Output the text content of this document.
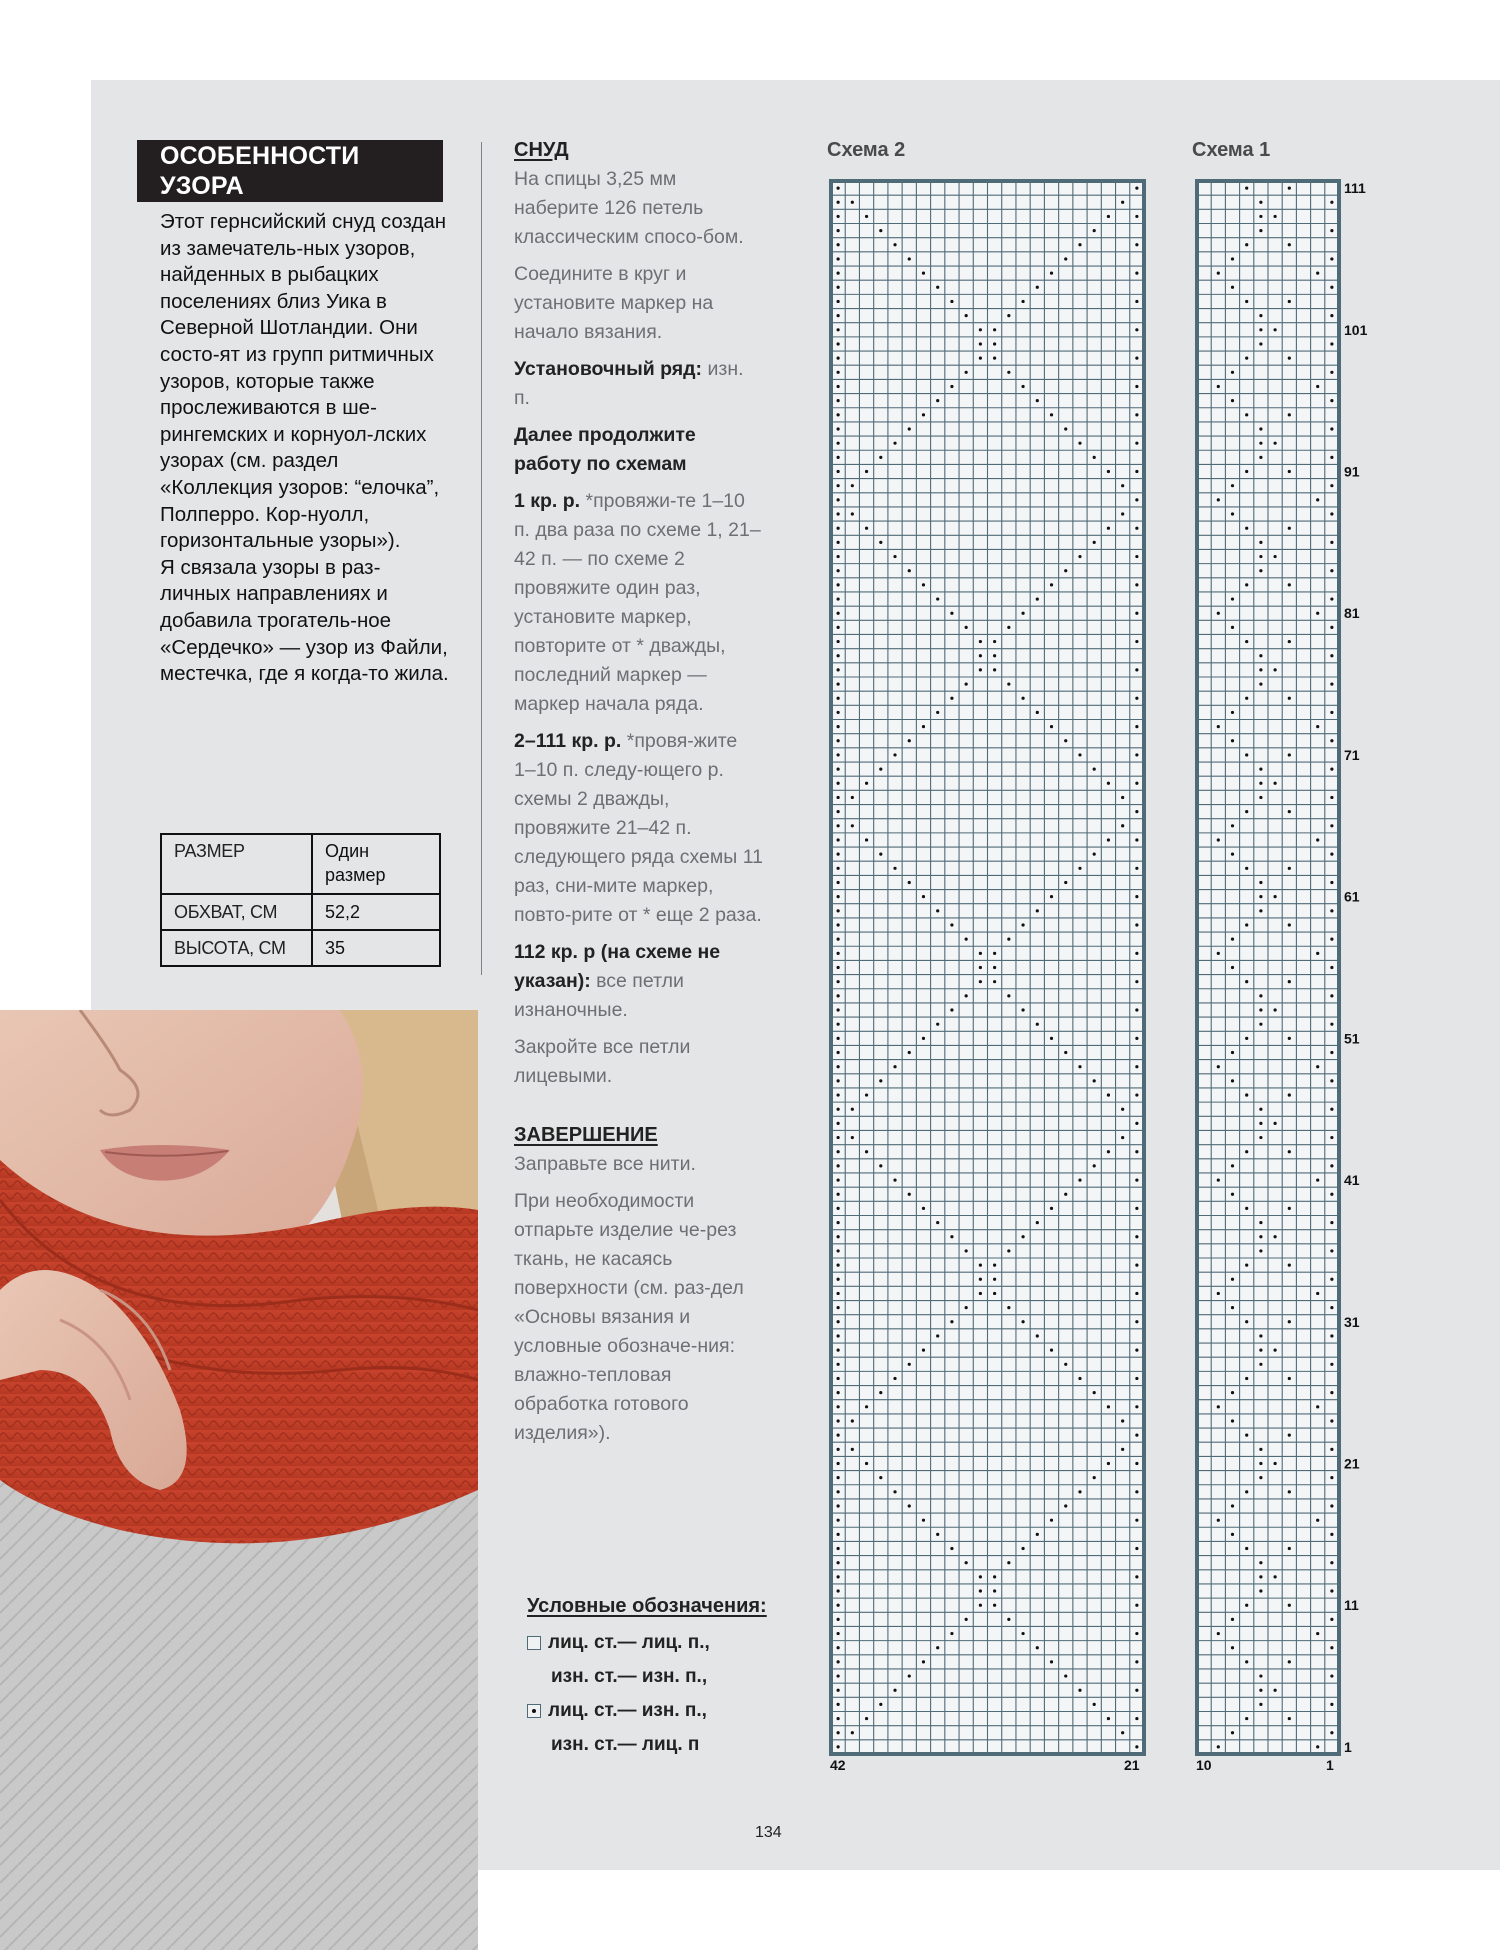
ОСОБЕННОСТИ УЗОРА

Этот гернсийский снуд создан из замечатель-ных узоров, найденных в рыбацких поселениях близ Уика в Северной Шотландии. Они состо-ят из групп ритмичных узоров, которые также прослеживаются в ше-рингемских и корнуол-лских узорах (см. раздел «Коллекция узоров: “елочка”, Полперро. Кор-нуолл, горизонтальные узоры»).

Я связала узоры в раз-личных направлениях и добавила трогатель-ное «Сердечко» — узор из Файли, местечка, где я когда-то жила.

РАЗМЕР	Один размер
ОБХВАТ, СМ	52,2
ВЫСОТА, СМ	35
СНУД

На спицы 3,25 мм наберите 126 петель классическим спосо-бом.

Соедините в круг и установите маркер на начало вязания.

Установочный ряд: изн. п.

Далее продолжите работу по схемам

1 кр. р. *провяжи-те 1–10 п. два раза по схеме 1, 21–42 п. — по схеме 2 провяжите один раз, установите маркер, повторите от * дважды, последний маркер — маркер начала ряда.

2–111 кр. р. *провя-жите 1–10 п. следу-ющего р. схемы 2 дважды, провяжите 21–42 п. следующего ряда схемы 11 раз, сни-мите маркер, повто-рите от * еще 2 раза.

112 кр. р (на схеме не указан): все петли изнаночные.

Закройте все петли лицевыми.

ЗАВЕРШЕНИЕ

Заправьте все нити.

При необходимости отпарьте изделие че-рез ткань, не касаясь поверхности (см. раз-дел «Основы вязания и условные обозначе-ния: влажно-тепловая обработка готового изделия»).

Условные обозначения:
лиц. ст.— лиц. п.,
изн. ст.— изн. п.,
лиц. ст.— изн. п.,
изн. ст.— лиц. п
Схема 2	Схема 1
42	21	10	1
111
101
91
81
71
61
51
41
31
21
11
1
134
